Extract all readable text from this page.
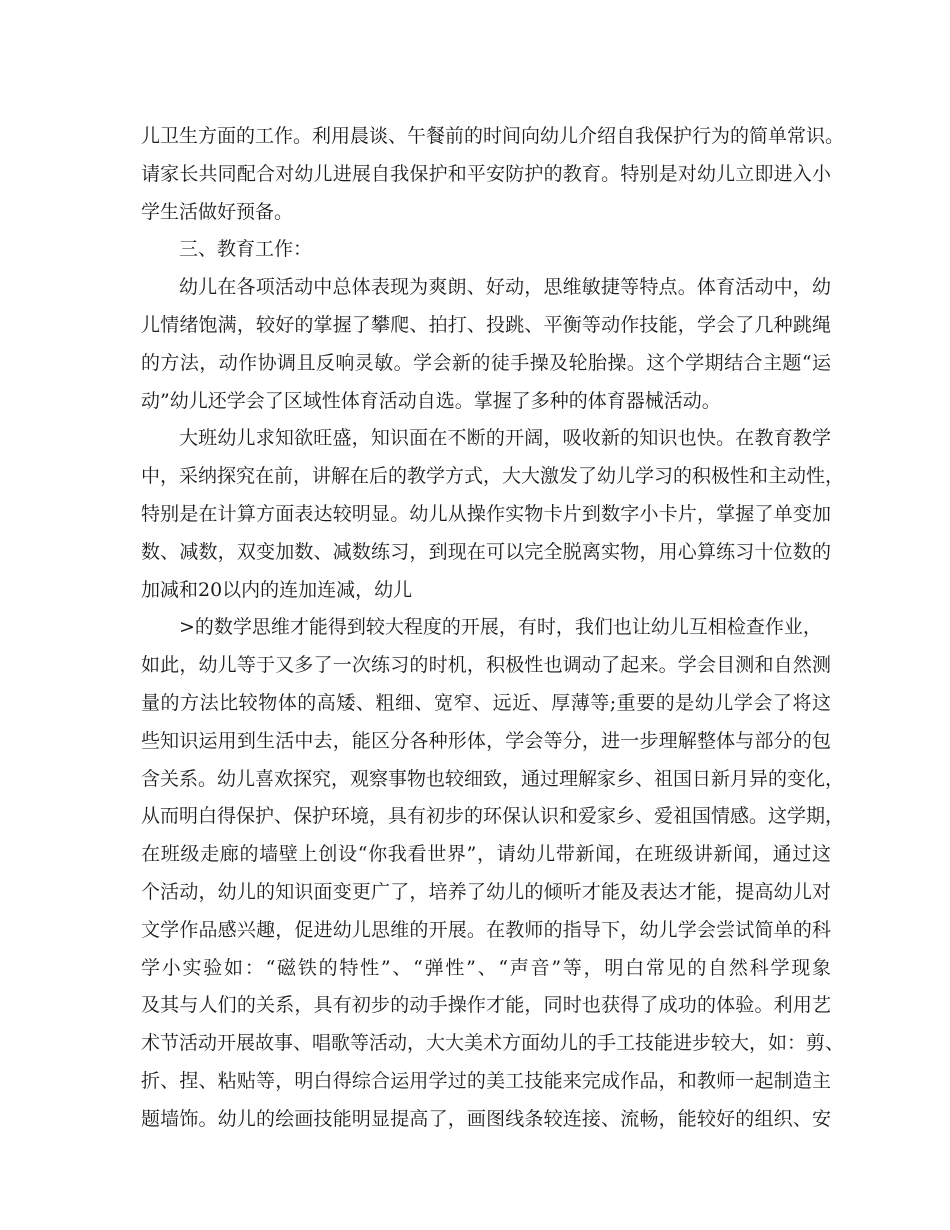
儿卫生方面的工作。利用晨谈、午餐前的时间向幼儿介绍自我保护行为的简单常识。
请家长共同配合对幼儿进展自我保护和平安防护的教育。特别是对幼儿立即进入小
学生活做好预备。
三、教育工作：
幼儿在各项活动中总体表现为爽朗、好动，思维敏捷等特点。体育活动中，幼
儿情绪饱满，较好的掌握了攀爬、拍打、投跳、平衡等动作技能，学会了几种跳绳
的方法，动作协调且反响灵敏。学会新的徒手操及轮胎操。这个学期结合主题“运
动”幼儿还学会了区域性体育活动自选。掌握了多种的体育器械活动。
大班幼儿求知欲旺盛，知识面在不断的开阔，吸收新的知识也快。在教育教学
中，采纳探究在前，讲解在后的教学方式，大大激发了幼儿学习的积极性和主动性，
特别是在计算方面表达较明显。幼儿从操作实物卡片到数字小卡片，掌握了单变加
数、减数，双变加数、减数练习，到现在可以完全脱离实物，用心算练习十位数的
加减和20以内的连加连减，幼儿
>的数学思维才能得到较大程度的开展，有时，我们也让幼儿互相检查作业，
如此，幼儿等于又多了一次练习的时机，积极性也调动了起来。学会目测和自然测
量的方法比较物体的高矮、粗细、宽窄、远近、厚薄等;重要的是幼儿学会了将这
些知识运用到生活中去，能区分各种形体，学会等分，进一步理解整体与部分的包
含关系。幼儿喜欢探究，观察事物也较细致，通过理解家乡、祖国日新月异的变化，
从而明白得保护、保护环境，具有初步的环保认识和爱家乡、爱祖国情感。这学期，
在班级走廊的墙壁上创设“你我看世界”，请幼儿带新闻，在班级讲新闻，通过这
个活动，幼儿的知识面变更广了，培养了幼儿的倾听才能及表达才能，提高幼儿对
文学作品感兴趣，促进幼儿思维的开展。在教师的指导下，幼儿学会尝试简单的科
学小实验如：“磁铁的特性”、“弹性”、“声音”等，明白常见的自然科学现象
及其与人们的关系，具有初步的动手操作才能，同时也获得了成功的体验。利用艺
术节活动开展故事、唱歌等活动，大大美术方面幼儿的手工技能进步较大，如：剪、
折、捏、粘贴等，明白得综合运用学过的美工技能来完成作品，和教师一起制造主
题墙饰。幼儿的绘画技能明显提高了，画图线条较连接、流畅，能较好的组织、安
